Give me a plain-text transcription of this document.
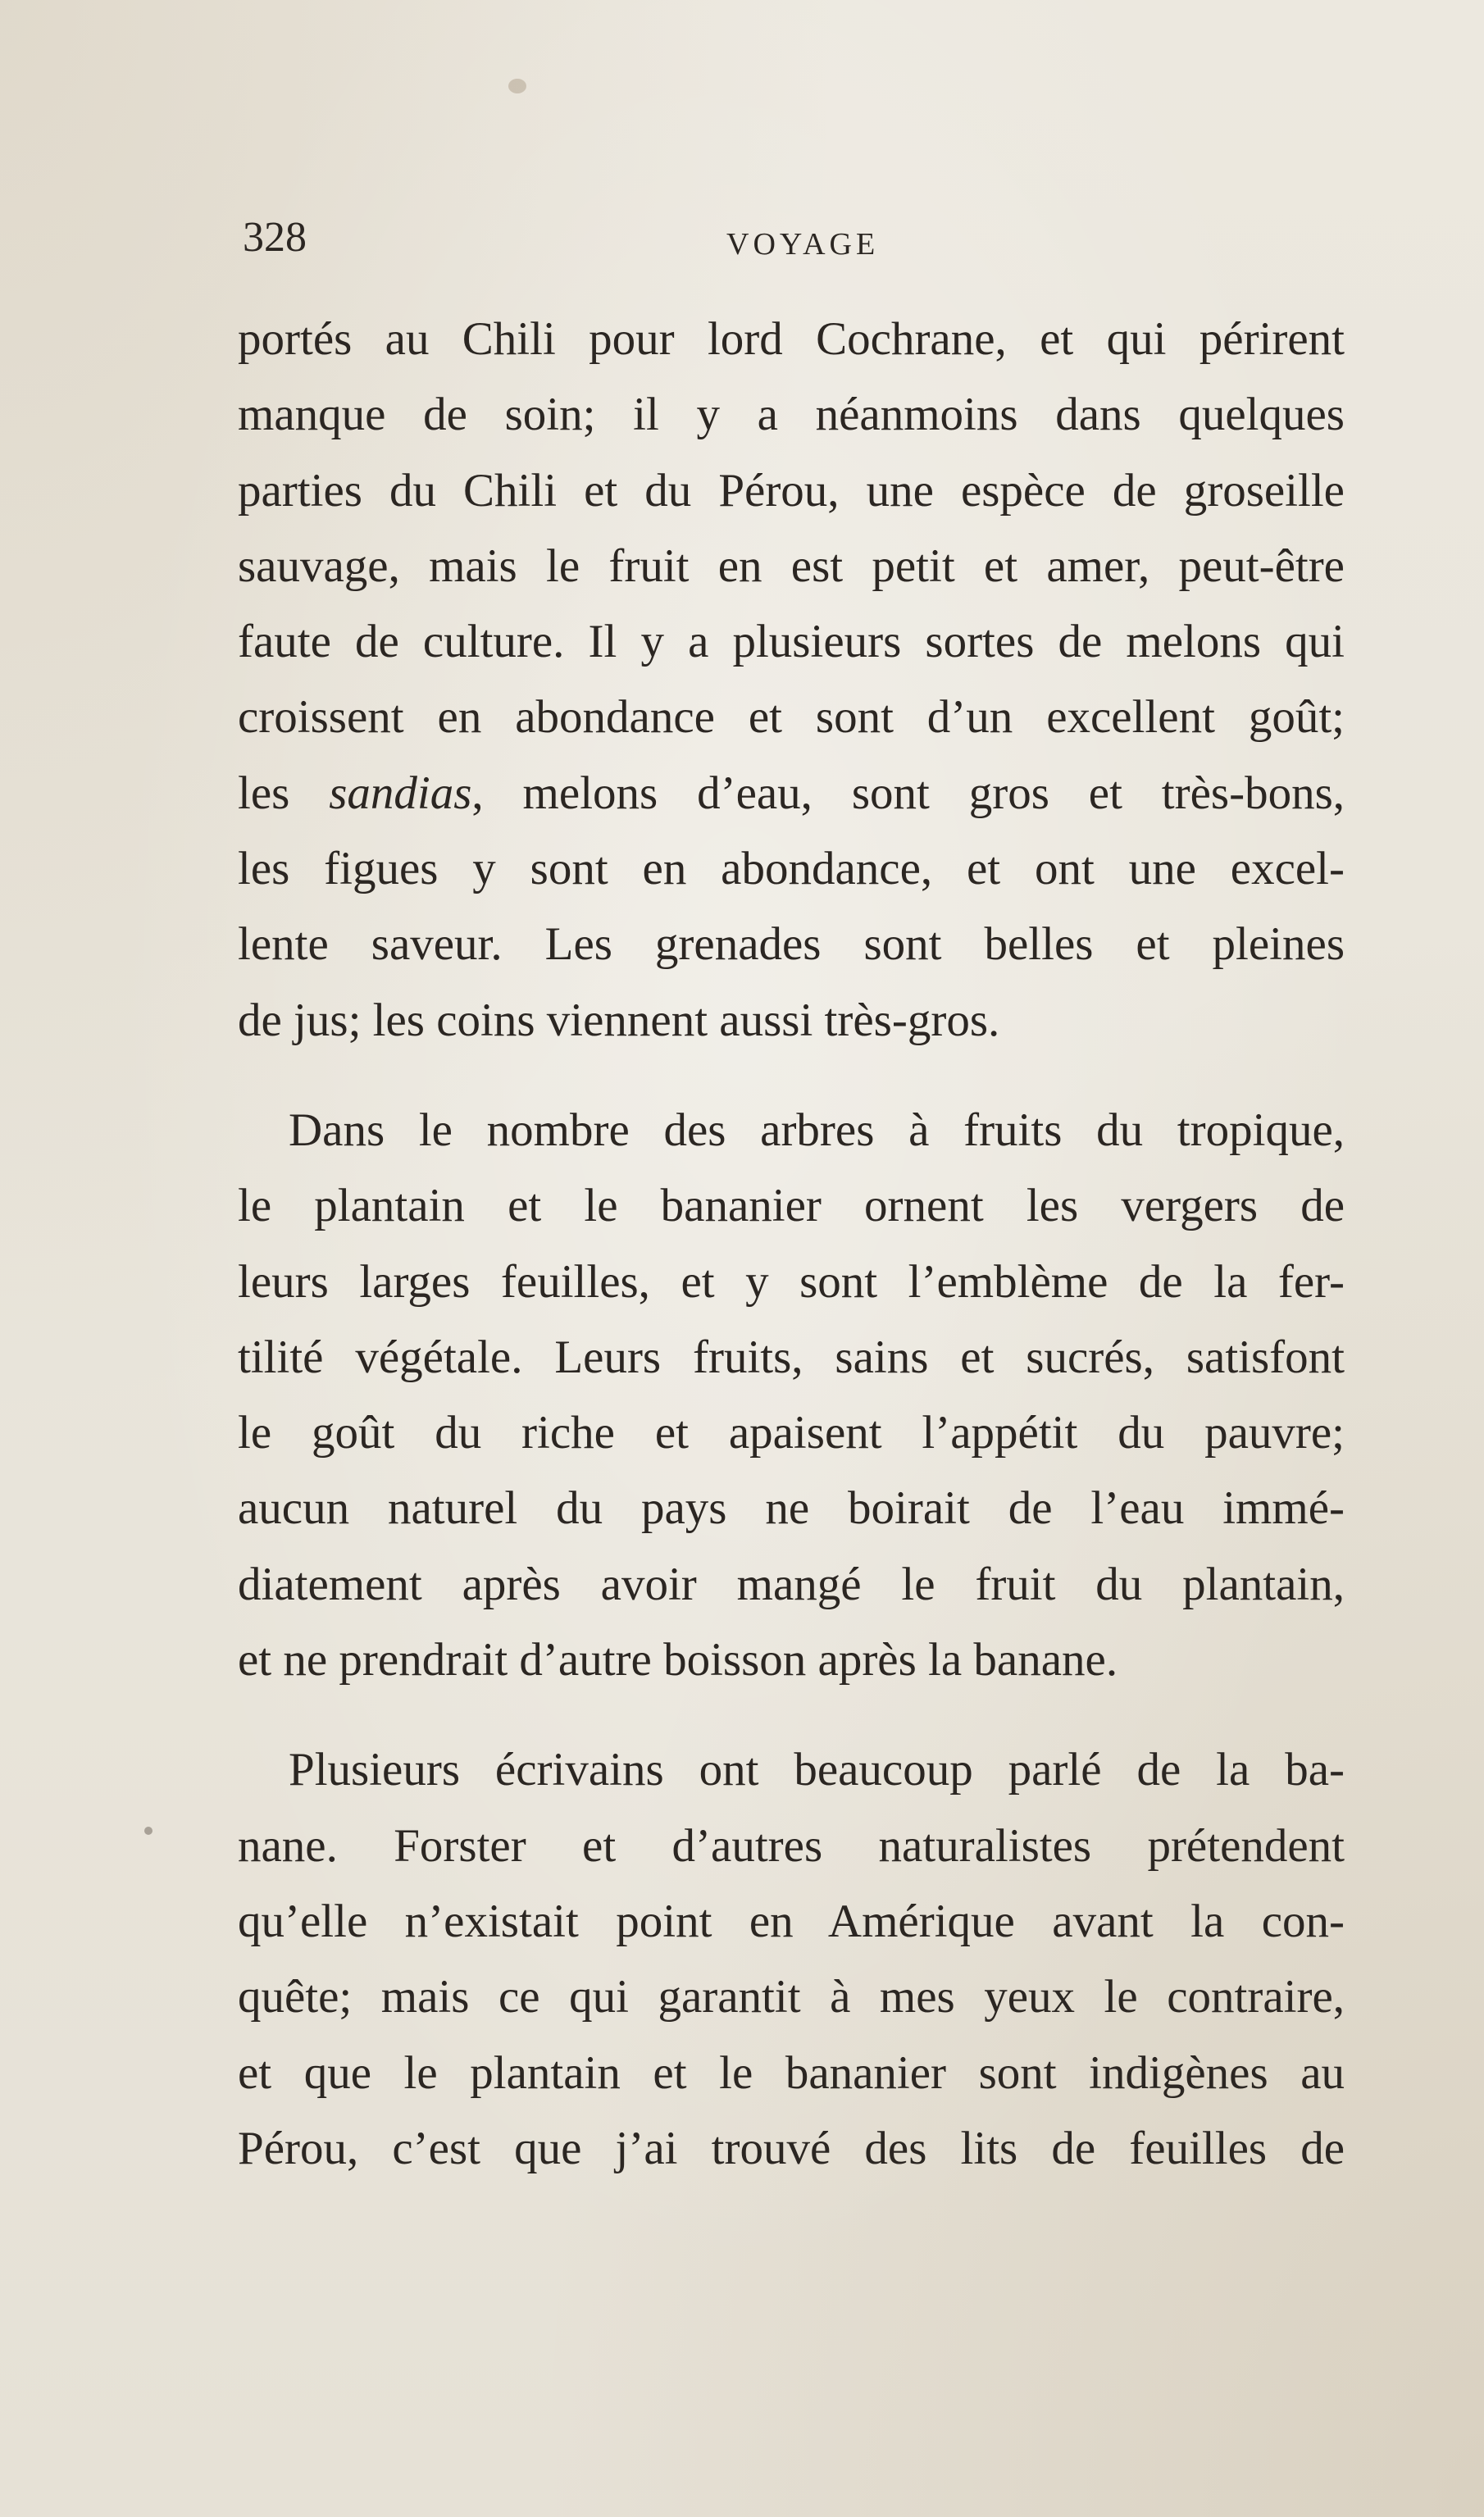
328	VOYAGE
portés au Chili pour lord Cochrane, et qui périrent
manque de soin; il y a néanmoins dans quelques
parties du Chili et du Pérou, une espèce de groseille
sauvage, mais le fruit en est petit et amer, peut-être
faute de culture. Il y a plusieurs sortes de melons qui
croissent en abondance et sont d’un excellent goût;
les sandias, melons d’eau, sont gros et très-bons,
les figues y sont en abondance, et ont une excel-
lente saveur. Les grenades sont belles et pleines
de jus; les coins viennent aussi très-gros.
Dans le nombre des arbres à fruits du tropique,
le plantain et le bananier ornent les vergers de
leurs larges feuilles, et y sont l’emblème de la fer-
tilité végétale. Leurs fruits, sains et sucrés, satisfont
le goût du riche et apaisent l’appétit du pauvre;
aucun naturel du pays ne boirait de l’eau immé-
diatement après avoir mangé le fruit du plantain,
et ne prendrait d’autre boisson après la banane.
Plusieurs écrivains ont beaucoup parlé de la ba-
nane. Forster et d’autres naturalistes prétendent
qu’elle n’existait point en Amérique avant la con-
quête; mais ce qui garantit à mes yeux le contraire,
et que le plantain et le bananier sont indigènes au
Pérou, c’est que j’ai trouvé des lits de feuilles de
